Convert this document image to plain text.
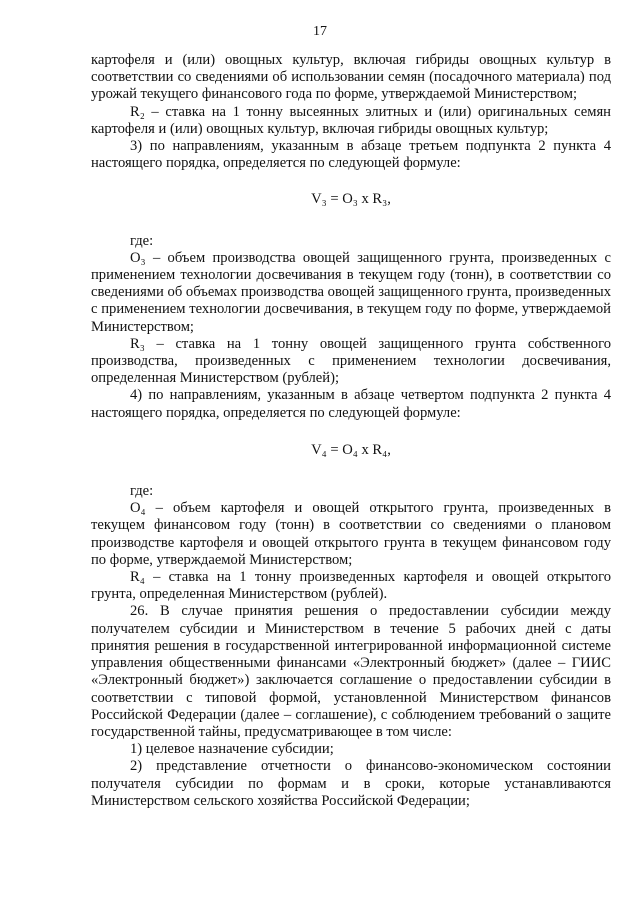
17

картофеля и (или) овощных культур, включая гибриды овощных культур в соответствии со сведениями об использовании семян (посадочного материала) под урожай текущего финансового года по форме, утверждаемой Министерством;

R₂ – ставка на 1 тонну высеянных элитных и (или) оригинальных семян картофеля и (или) овощных культур, включая гибриды овощных культур;

3) по направлениям, указанным в абзаце третьем подпункта 2 пункта 4 настоящего порядка, определяется по следующей формуле:

V₃ = O₃ x R₃,

где:

O₃ – объем производства овощей защищенного грунта, произведенных с применением технологии досвечивания в текущем году (тонн), в соответствии со сведениями об объемах производства овощей защищенного грунта, произведенных с применением технологии досвечивания, в текущем году по форме, утверждаемой Министерством;

R₃ – ставка на 1 тонну овощей защищенного грунта собственного производства, произведенных с применением технологии досвечивания, определенная Министерством (рублей);

4) по направлениям, указанным в абзаце четвертом подпункта 2 пункта 4 настоящего порядка, определяется по следующей формуле:

V₄ = O₄ x R₄,

где:

O₄ – объем картофеля и овощей открытого грунта, произведенных в текущем финансовом году (тонн) в соответствии со сведениями о плановом производстве картофеля и овощей открытого грунта в текущем финансовом году по форме, утверждаемой Министерством;

R₄ – ставка на 1 тонну произведенных картофеля и овощей открытого грунта, определенная Министерством (рублей).

26. В случае принятия решения о предоставлении субсидии между получателем субсидии и Министерством в течение 5 рабочих дней с даты принятия решения в государственной интегрированной информационной системе управления общественными финансами «Электронный бюджет» (далее – ГИИС «Электронный бюджет») заключается соглашение о предоставлении субсидии в соответствии с типовой формой, установленной Министерством финансов Российской Федерации (далее – соглашение), с соблюдением требований о защите государственной тайны, предусматривающее в том числе:

1) целевое назначение субсидии;

2) представление отчетности о финансово-экономическом состоянии получателя субсидии по формам и в сроки, которые устанавливаются Министерством сельского хозяйства Российской Федерации;
